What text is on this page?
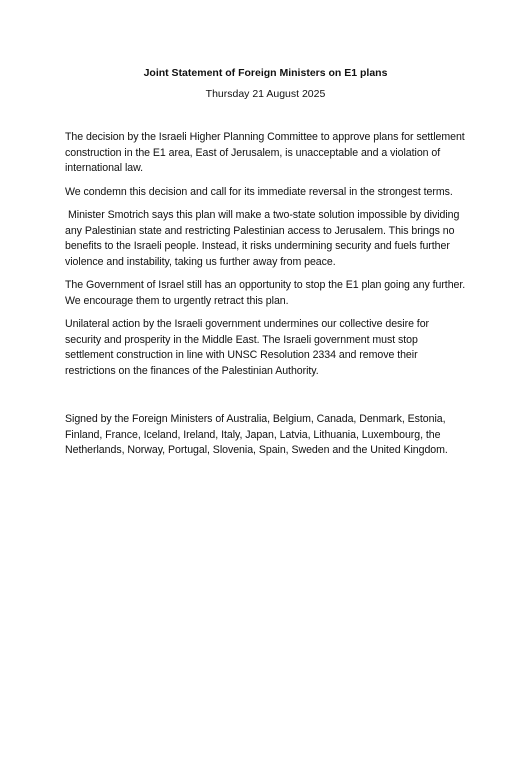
Joint Statement of Foreign Ministers on E1 plans

Thursday 21 August 2025

The decision by the Israeli Higher Planning Committee to approve plans for settlement construction in the E1 area, East of Jerusalem, is unacceptable and a violation of international law.

We condemn this decision and call for its immediate reversal in the strongest terms.

Minister Smotrich says this plan will make a two-state solution impossible by dividing any Palestinian state and restricting Palestinian access to Jerusalem. This brings no benefits to the Israeli people. Instead, it risks undermining security and fuels further violence and instability, taking us further away from peace.

The Government of Israel still has an opportunity to stop the E1 plan going any further. We encourage them to urgently retract this plan.

Unilateral action by the Israeli government undermines our collective desire for security and prosperity in the Middle East. The Israeli government must stop settlement construction in line with UNSC Resolution 2334 and remove their restrictions on the finances of the Palestinian Authority.

Signed by the Foreign Ministers of Australia, Belgium, Canada, Denmark, Estonia, Finland, France, Iceland, Ireland, Italy, Japan, Latvia, Lithuania, Luxembourg, the Netherlands, Norway, Portugal, Slovenia, Spain, Sweden and the United Kingdom.
